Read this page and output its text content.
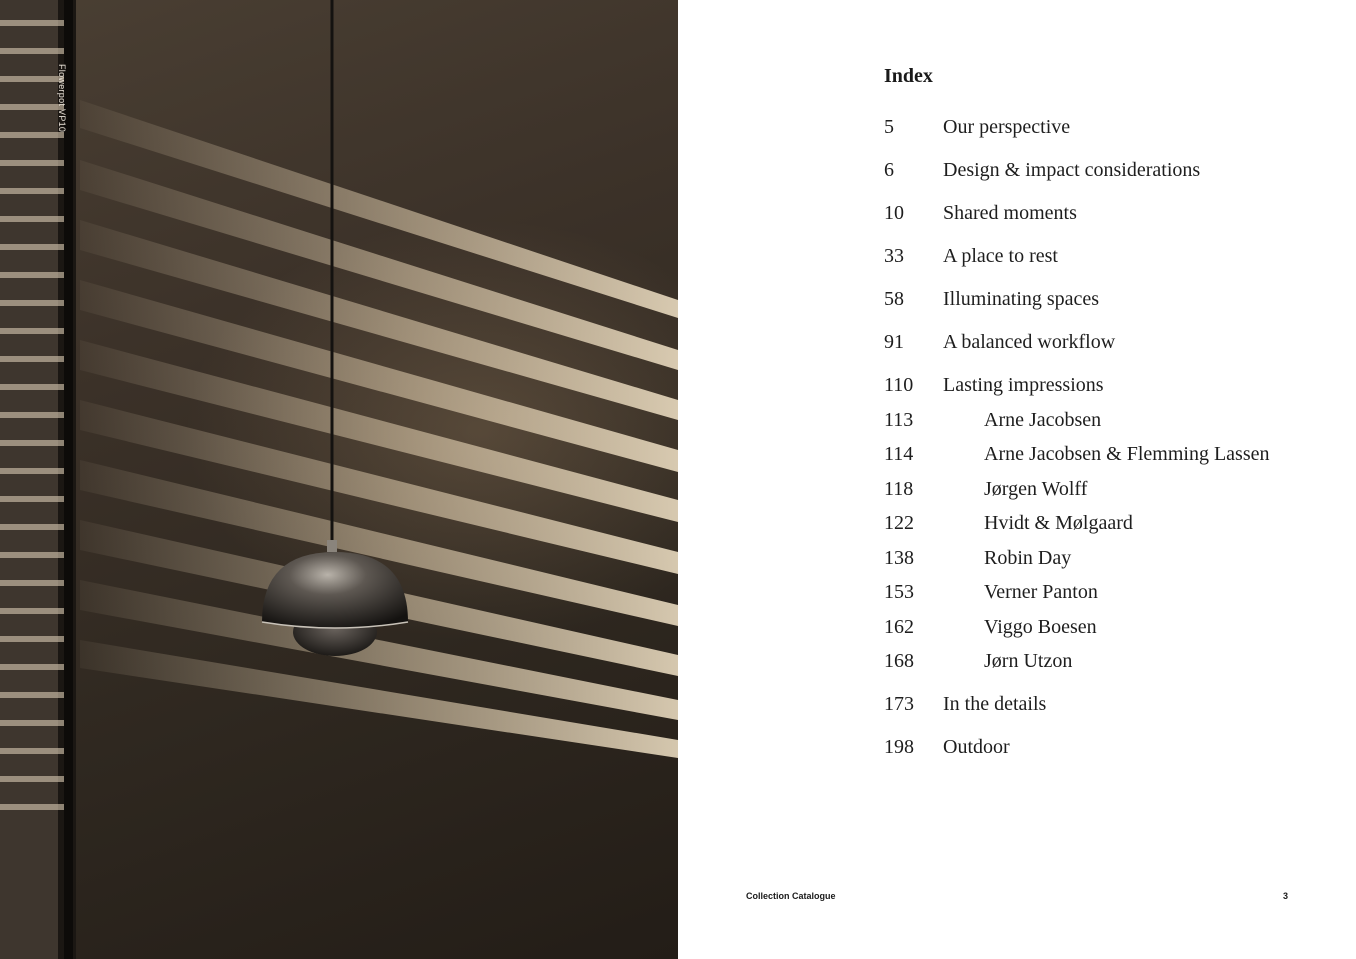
Flowerpot VP10	Index
5 Our perspective
6 Design & impact considerations
10 Shared moments
33 A place to rest
58 Illuminating spaces
91 A balanced workflow
110 Lasting impressions
113	Arne Jacobsen
114	Arne Jacobsen & Flemming Lassen
118	Jørgen Wolff
122	Hvidt & Mølgaard
138	Robin Day
153	Verner Panton
162	Viggo Boesen
168	Jørn Utzon
173 In the details
198 Outdoor
Collection Catalogue	3
